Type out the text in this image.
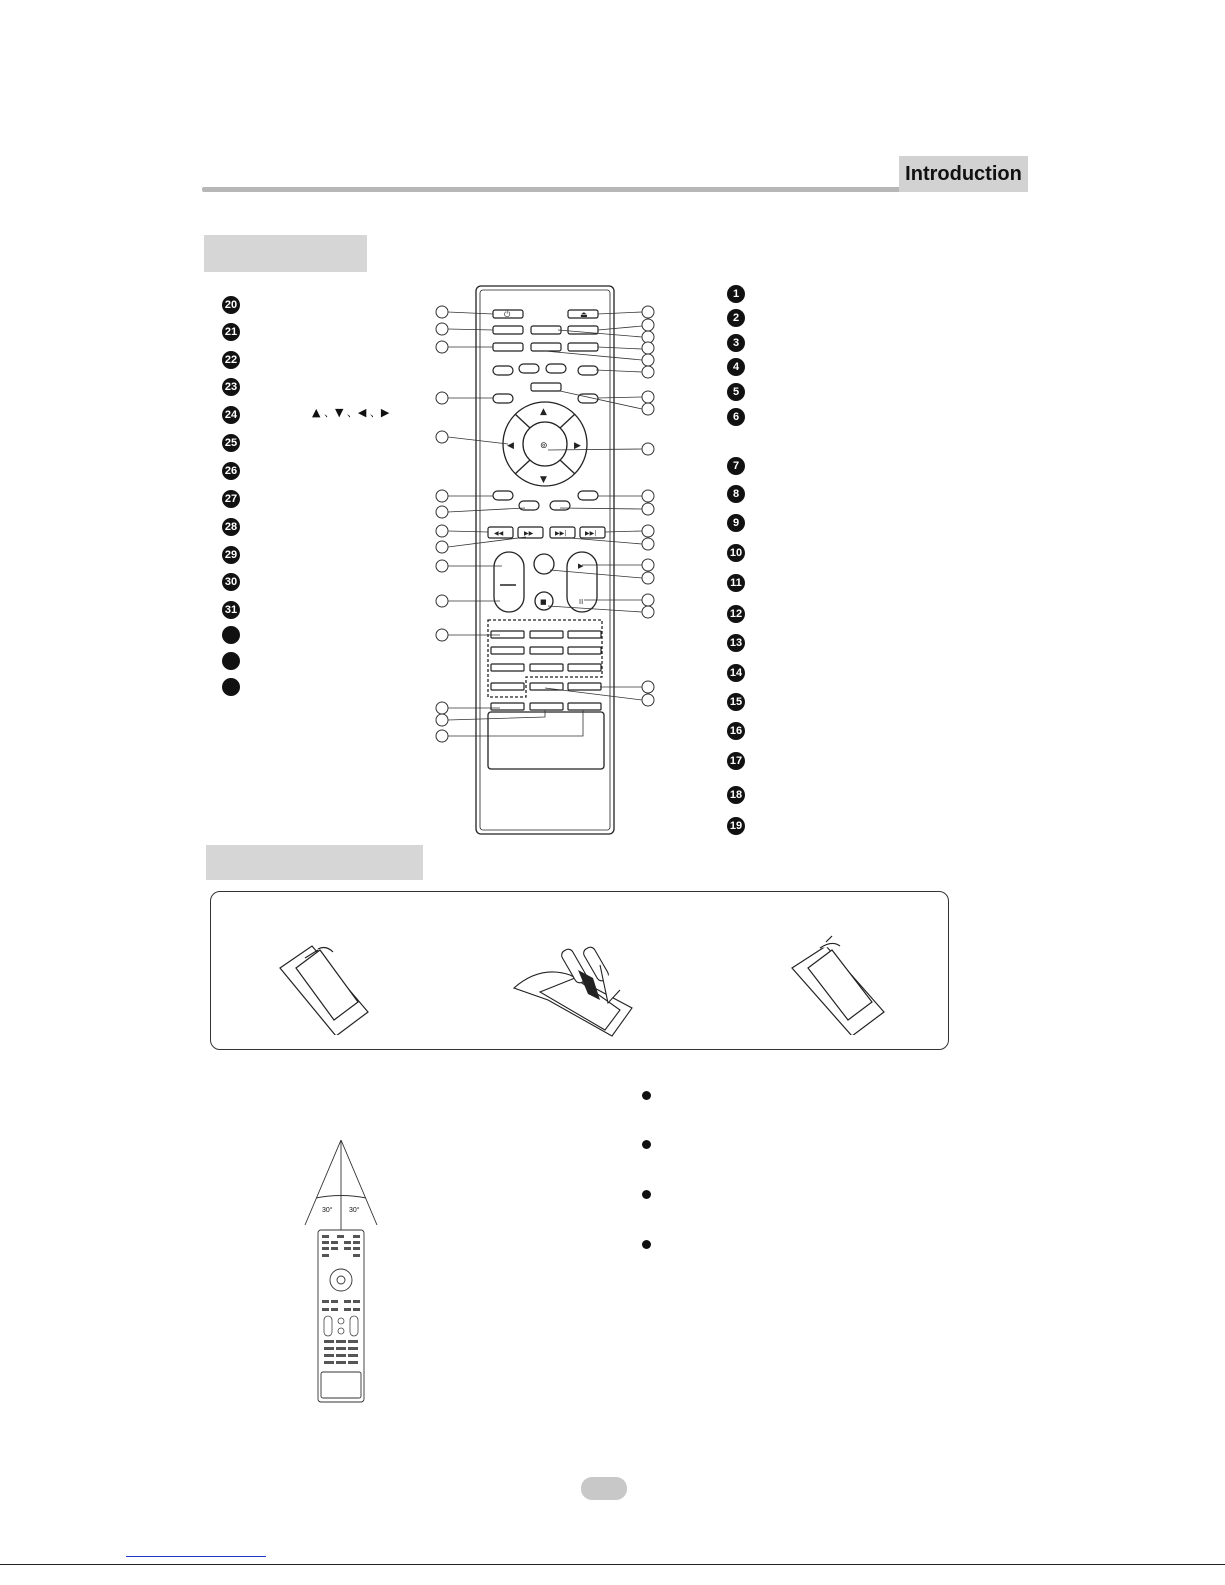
Introduction
20
21
22
23
24
25
26
27
28
29
30
31
▲ 、▼ 、◀ 、▶
1
2
3
4
5
6
7
8
9
10
11
12
13
14
15
16
17
18
19
⏻	⏏
◀◀	▶▶	▶▶|	▶▶|
▶
II
■
⊚
▲
▼
◀	▶
30° 30°
